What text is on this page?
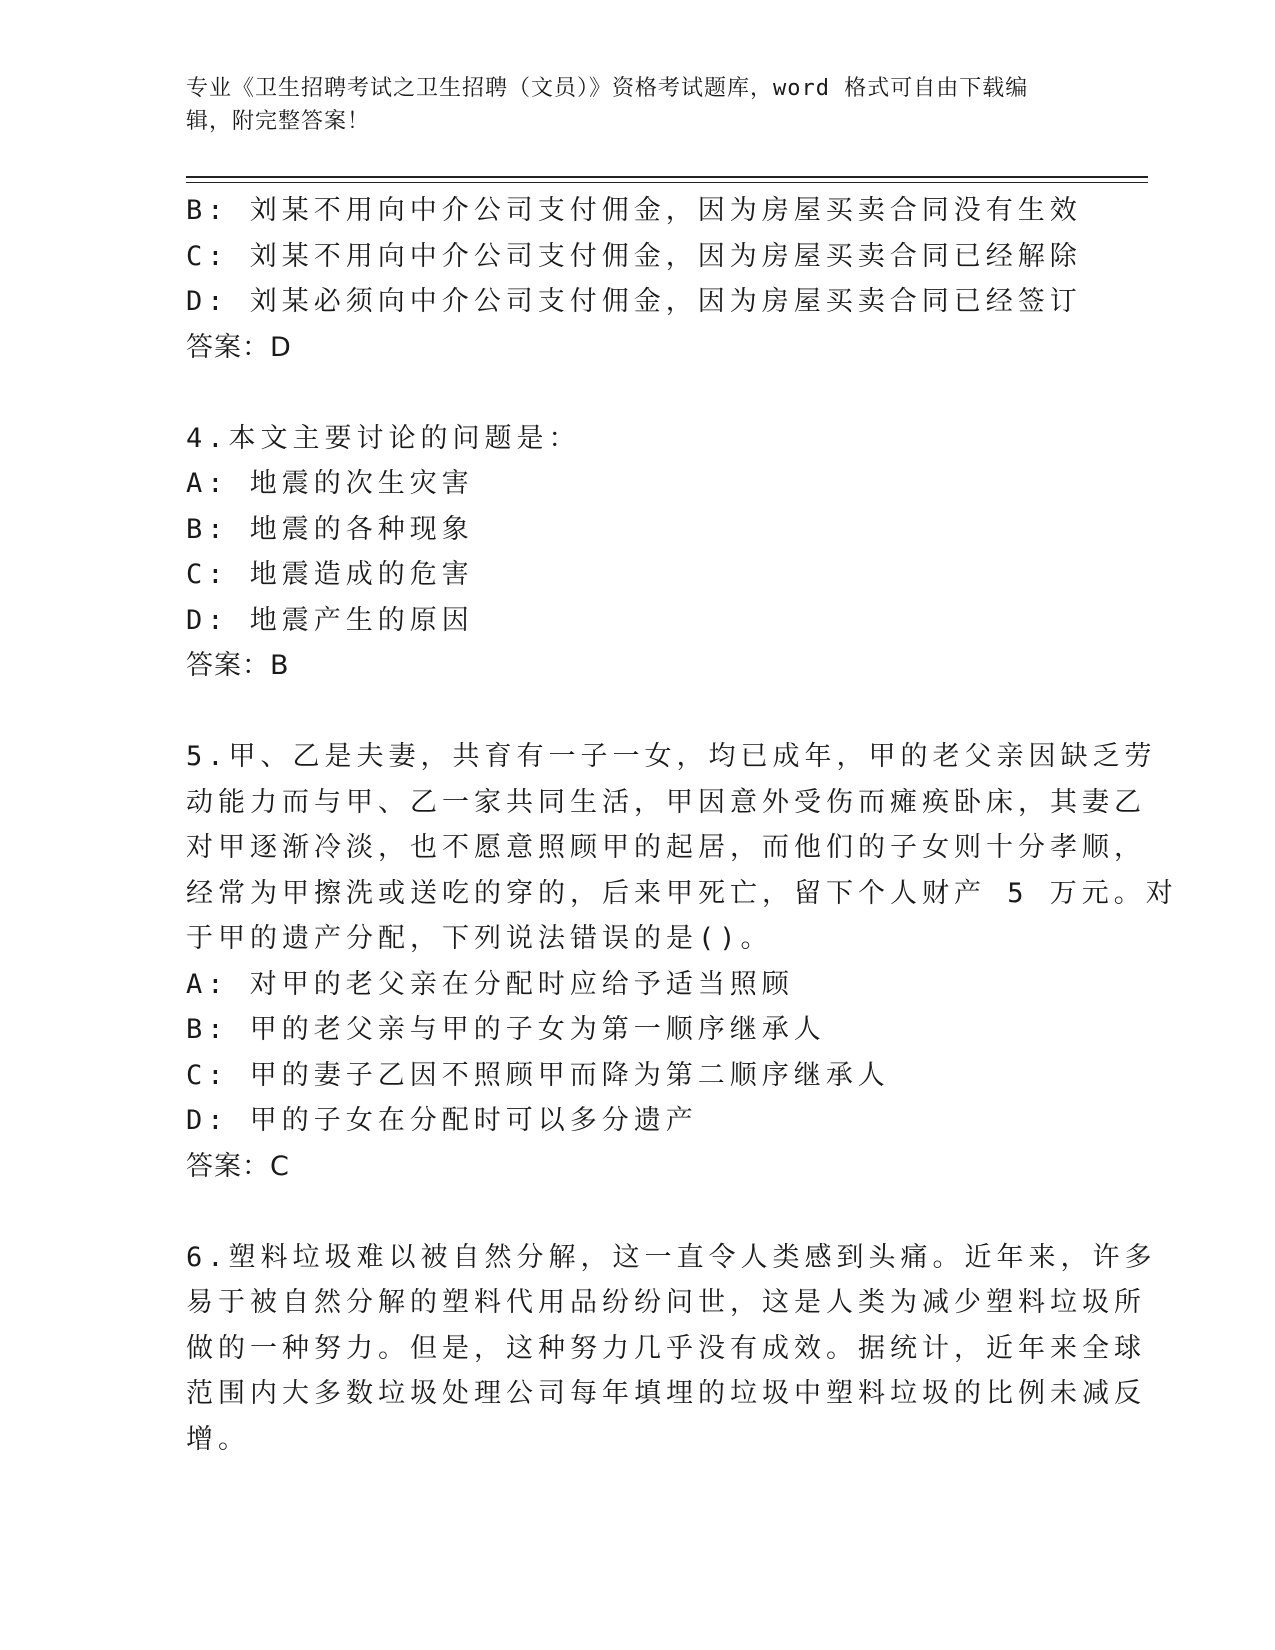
专业《卫生招聘考试之卫生招聘（文员）》资格考试题库，word 格式可自由下载编辑，附完整答案！
B: 刘某不用向中介公司支付佣金，因为房屋买卖合同没有生效
C: 刘某不用向中介公司支付佣金，因为房屋买卖合同已经解除
D: 刘某必须向中介公司支付佣金，因为房屋买卖合同已经签订
答案：D
4.本文主要讨论的问题是：
A: 地震的次生灾害
B: 地震的各种现象
C: 地震造成的危害
D: 地震产生的原因
答案：B
5.甲、乙是夫妻，共育有一子一女，均已成年，甲的老父亲因缺乏劳
动能力而与甲、乙一家共同生活，甲因意外受伤而瘫痪卧床，其妻乙
对甲逐渐冷淡，也不愿意照顾甲的起居，而他们的子女则十分孝顺，
经常为甲擦洗或送吃的穿的，后来甲死亡，留下个人财产 5 万元。对
于甲的遗产分配，下列说法错误的是()。
A: 对甲的老父亲在分配时应给予适当照顾
B: 甲的老父亲与甲的子女为第一顺序继承人
C: 甲的妻子乙因不照顾甲而降为第二顺序继承人
D: 甲的子女在分配时可以多分遗产
答案：C
6.塑料垃圾难以被自然分解，这一直令人类感到头痛。近年来，许多
易于被自然分解的塑料代用品纷纷问世，这是人类为减少塑料垃圾所
做的一种努力。但是，这种努力几乎没有成效。据统计，近年来全球
范围内大多数垃圾处理公司每年填埋的垃圾中塑料垃圾的比例未减反
增。
